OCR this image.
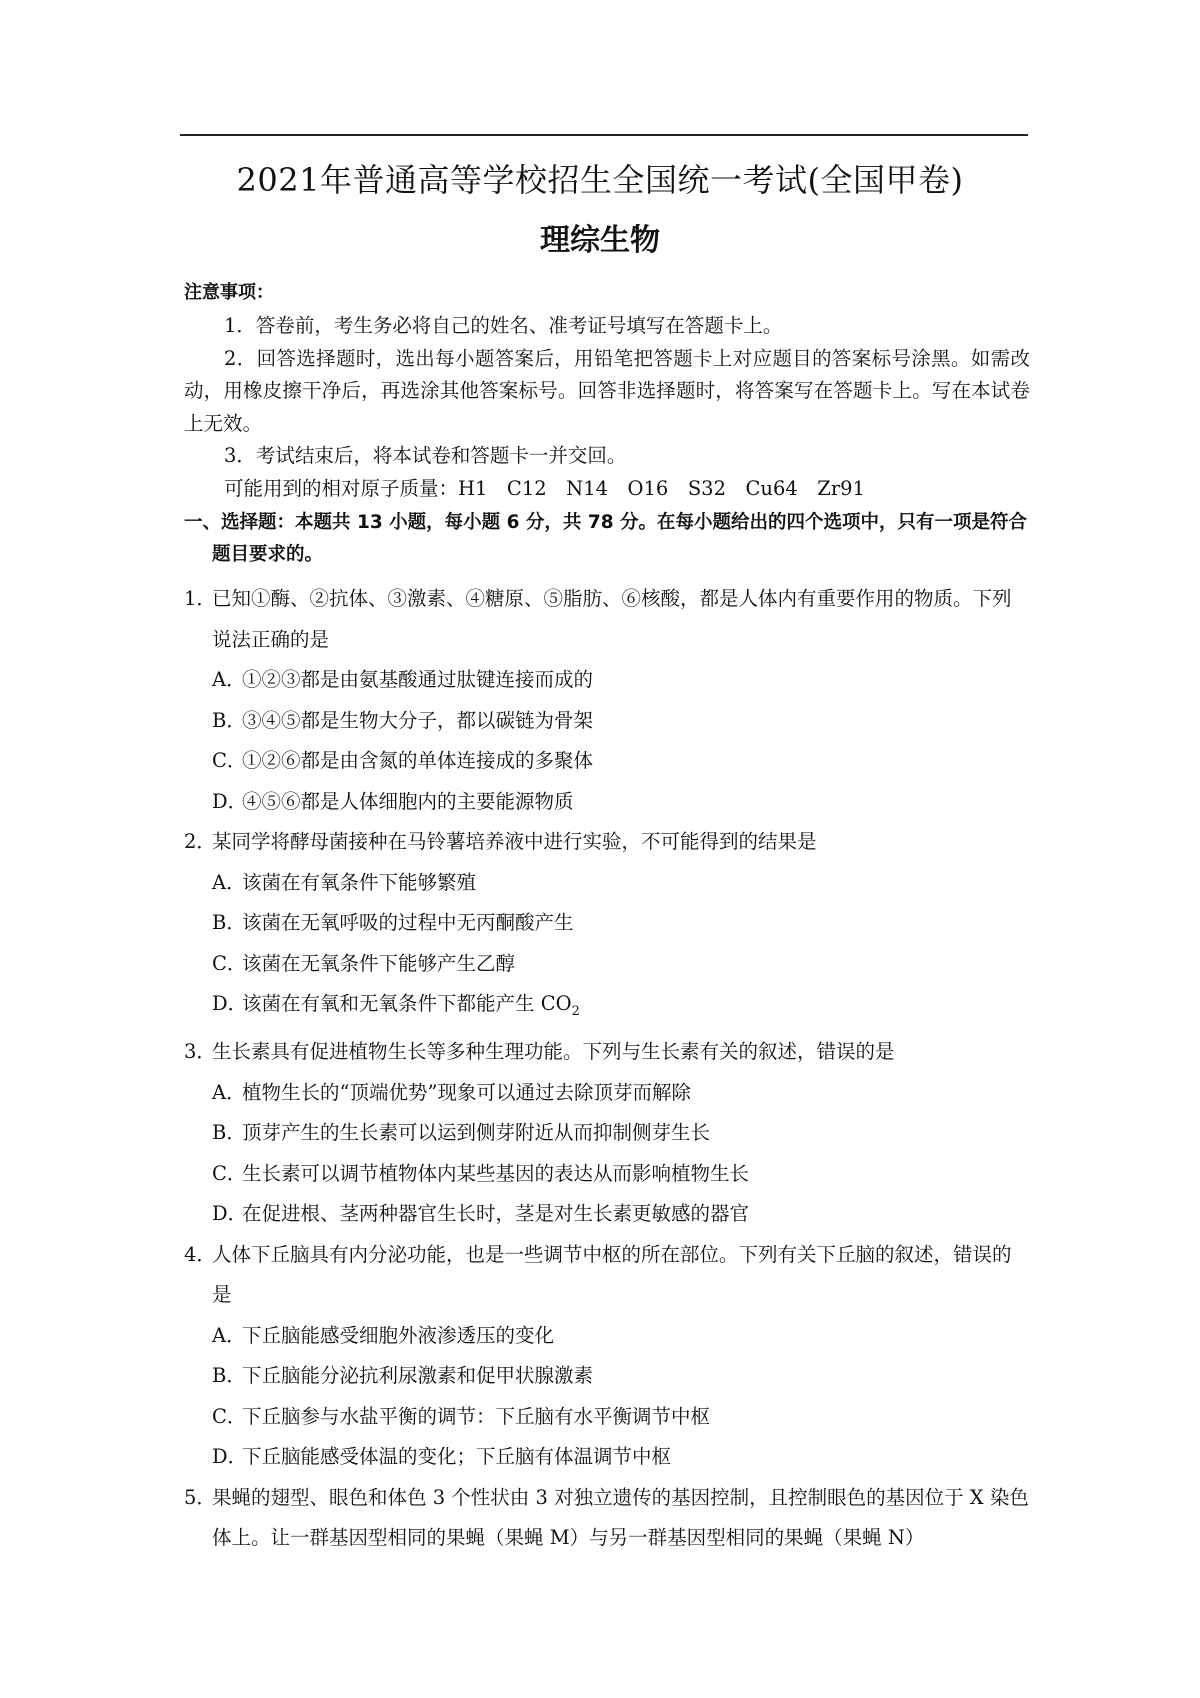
2021年普通高等学校招生全国统一考试(全国甲卷)
理综生物
注意事项：
1．答卷前，考生务必将自己的姓名、准考证号填写在答题卡上。
2．回答选择题时，选出每小题答案后，用铅笔把答题卡上对应题目的答案标号涂黑。如需改动，用橡皮擦干净后，再选涂其他答案标号。回答非选择题时，将答案写在答题卡上。写在本试卷上无效。
3．考试结束后，将本试卷和答题卡一并交回。
可能用到的相对原子质量：H1　C12　N14　O16　S32　Cu64　Zr91
一、选择题：本题共 13 小题，每小题 6 分，共 78 分。在每小题给出的四个选项中，只有一项是符合题目要求的。
1．
已知①酶、②抗体、③激素、④糖原、⑤脂肪、⑥核酸，都是人体内有重要作用的物质。下列说法正确的是
A．①②③都是由氨基酸通过肽键连接而成的
B．③④⑤都是生物大分子，都以碳链为骨架
C．①②⑥都是由含氮的单体连接成的多聚体
D．④⑤⑥都是人体细胞内的主要能源物质
2．
某同学将酵母菌接种在马铃薯培养液中进行实验，不可能得到的结果是
A．该菌在有氧条件下能够繁殖
B．该菌在无氧呼吸的过程中无丙酮酸产生
C．该菌在无氧条件下能够产生乙醇
D．该菌在有氧和无氧条件下都能产生 $CO_2$
3．
生长素具有促进植物生长等多种生理功能。下列与生长素有关的叙述，错误的是
A．植物生长的“顶端优势”现象可以通过去除顶芽而解除
B．顶芽产生的生长素可以运到侧芽附近从而抑制侧芽生长
C．生长素可以调节植物体内某些基因的表达从而影响植物生长
D．在促进根、茎两种器官生长时，茎是对生长素更敏感的器官
4．
人体下丘脑具有内分泌功能，也是一些调节中枢的所在部位。下列有关下丘脑的叙述，错误的是
A．下丘脑能感受细胞外液渗透压的变化
B．下丘脑能分泌抗利尿激素和促甲状腺激素
C．下丘脑参与水盐平衡的调节：下丘脑有水平衡调节中枢
D．下丘脑能感受体温的变化；下丘脑有体温调节中枢
5．
果蝇的翅型、眼色和体色 3 个性状由 3 对独立遗传的基因控制，且控制眼色的基因位于 X 染色体上。让一群基因型相同的果蝇（果蝇 M）与另一群基因型相同的果蝇（果蝇 N）
